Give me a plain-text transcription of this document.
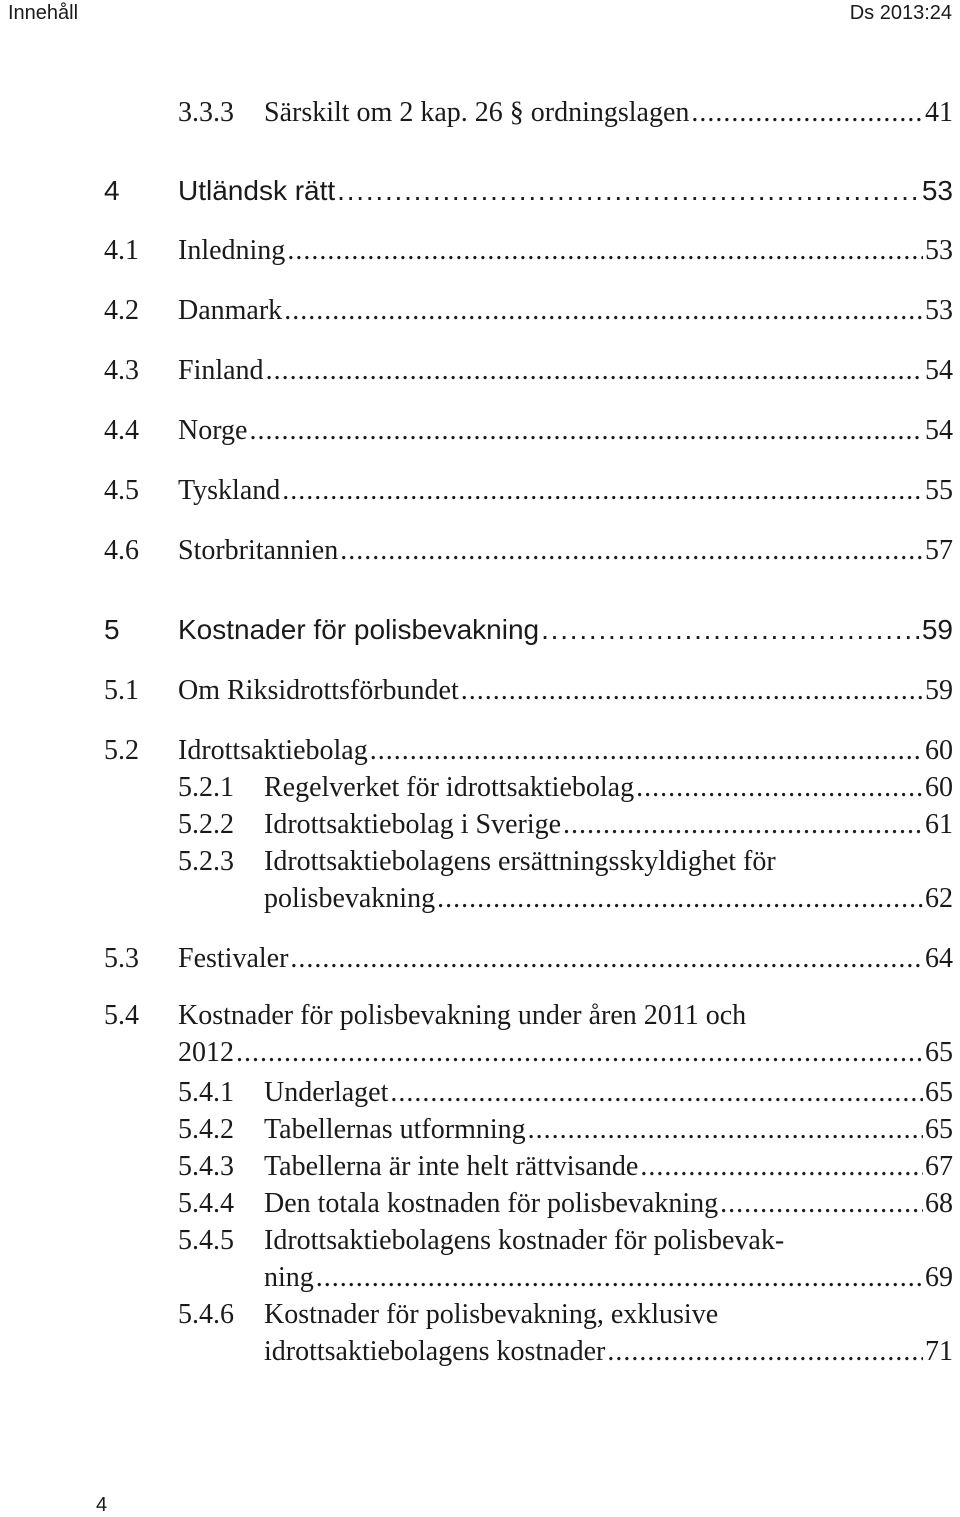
Innehåll	Ds 2013:24
3.3.3 Särskilt om 2 kap. 26 § ordningslagen . . .	41
4 Utländsk rätt . . .	53
4.1 Inledning . . .	53
4.2 Danmark . . .	53
4.3 Finland . . .	54
4.4 Norge . . .	54
4.5 Tyskland . . .	55
4.6 Storbritannien . . .	57
5 Kostnader för polisbevakning . . .	59
5.1 Om Riksidrottsförbundet . . .	59
5.2 Idrottsaktiebolag . . .	60
5.2.1 Regelverket för idrottsaktiebolag . . .	60
5.2.2 Idrottsaktiebolag i Sverige . . .	61
5.2.3 Idrottsaktiebolagens ersättningsskyldighet för
polisbevakning . . .	62
5.3 Festivaler . . .	64
5.4 Kostnader för polisbevakning under åren 2011 och
2012 . . .	65
5.4.1 Underlaget . . .	65
5.4.2 Tabellernas utformning . . .	65
5.4.3 Tabellerna är inte helt rättvisande . . .	67
5.4.4 Den totala kostnaden för polisbevakning . . .	68
5.4.5 Idrottsaktiebolagens kostnader för polisbevak-
ning . . .	69
5.4.6 Kostnader för polisbevakning, exklusive
idrottsaktiebolagens kostnader . . .	71
4
